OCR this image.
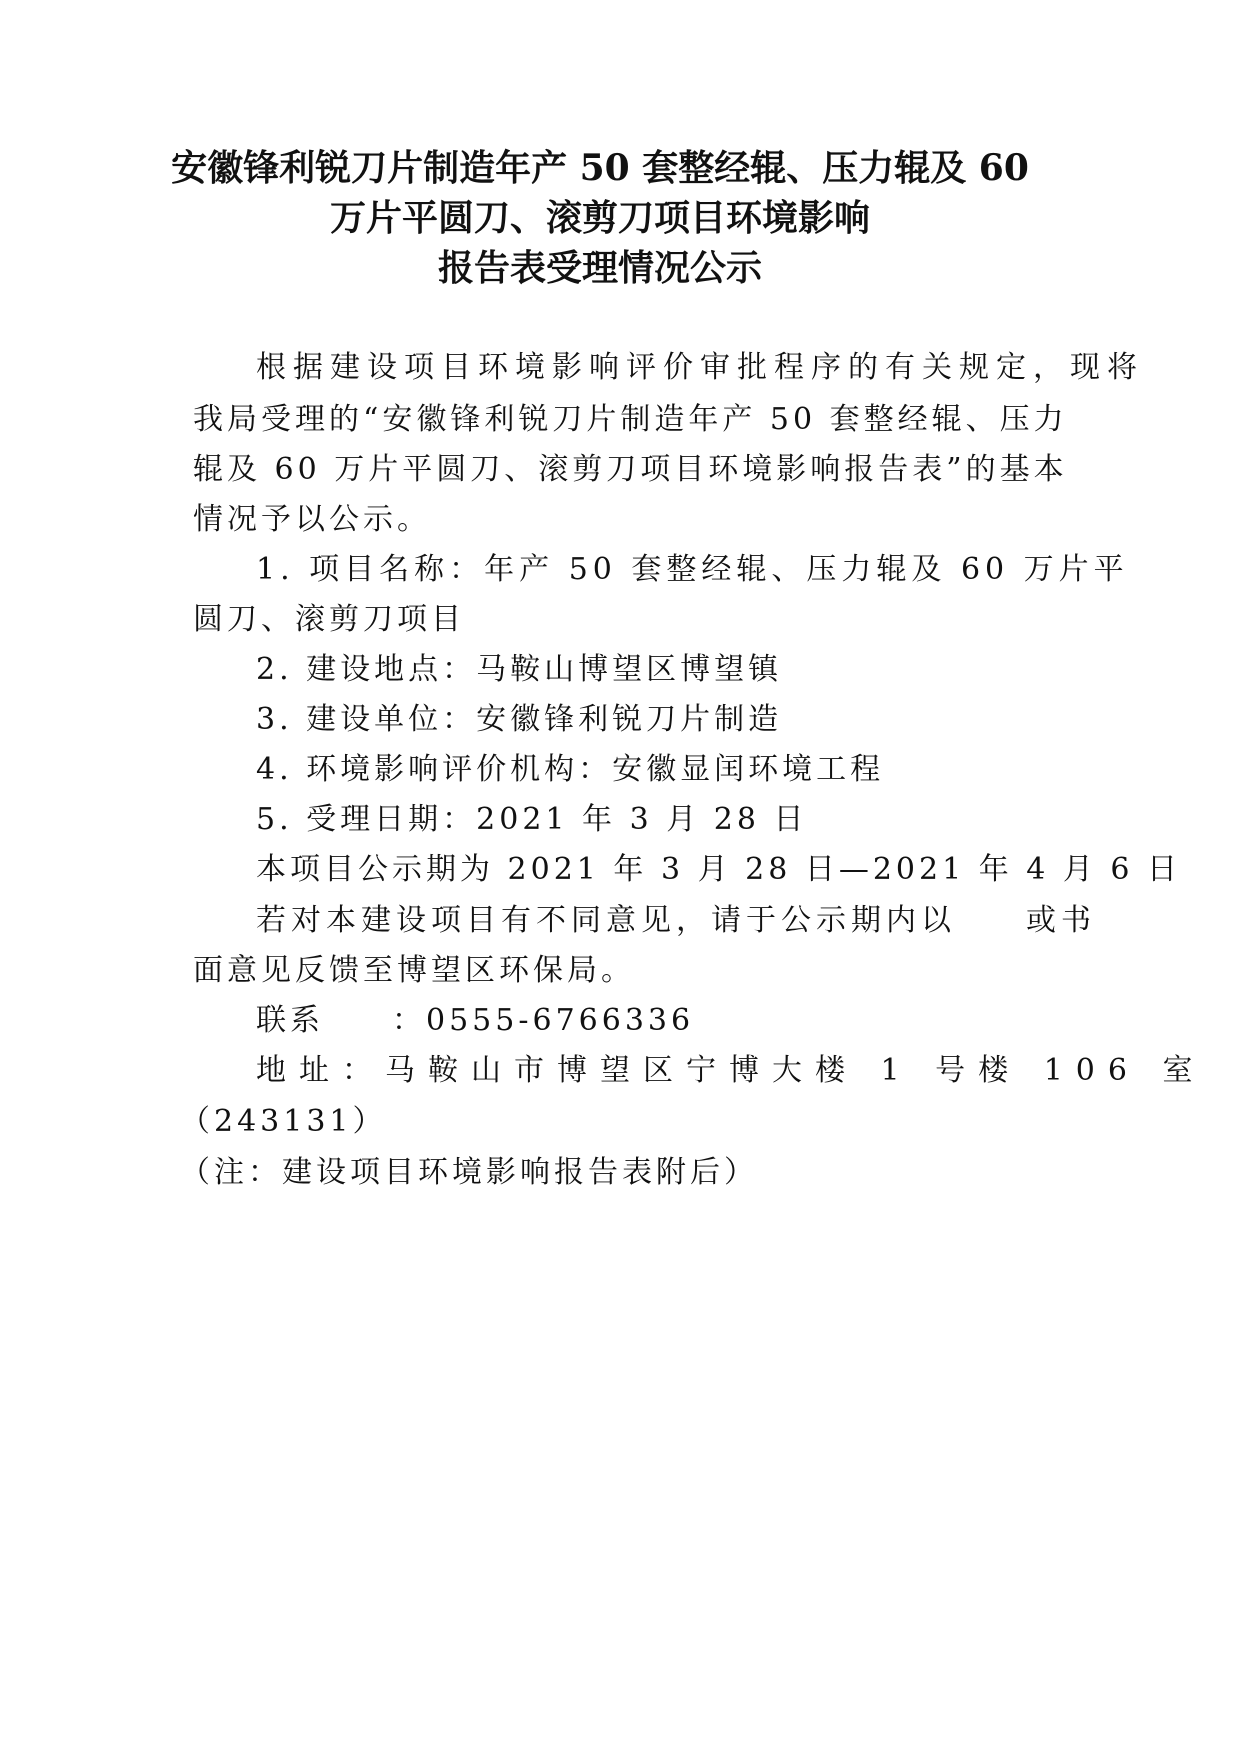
安徽锋利锐刀片制造年产 50 套整经辊、压力辊及 60
万片平圆刀、滚剪刀项目环境影响
报告表受理情况公示
根据建设项目环境影响评价审批程序的有关规定，现将
我局受理的“安徽锋利锐刀片制造年产 50 套整经辊、压力
辊及 60 万片平圆刀、滚剪刀项目环境影响报告表”的基本
情况予以公示。
1. 项目名称：年产 50 套整经辊、压力辊及 60 万片平
圆刀、滚剪刀项目
2. 建设地点：马鞍山博望区博望镇
3. 建设单位：安徽锋利锐刀片制造
4. 环境影响评价机构：安徽显闰环境工程
5. 受理日期：2021 年 3 月 28 日
本项目公示期为 2021 年 3 月 28 日—2021 年 4 月 6 日
若对本建设项目有不同意见，请于公示期内以　　或书
面意见反馈至博望区环保局。
联系　　：0555-6766336
地址：马鞍山市博望区宁博大楼 1 号楼 106 室
（243131）
（注：建设项目环境影响报告表附后）
